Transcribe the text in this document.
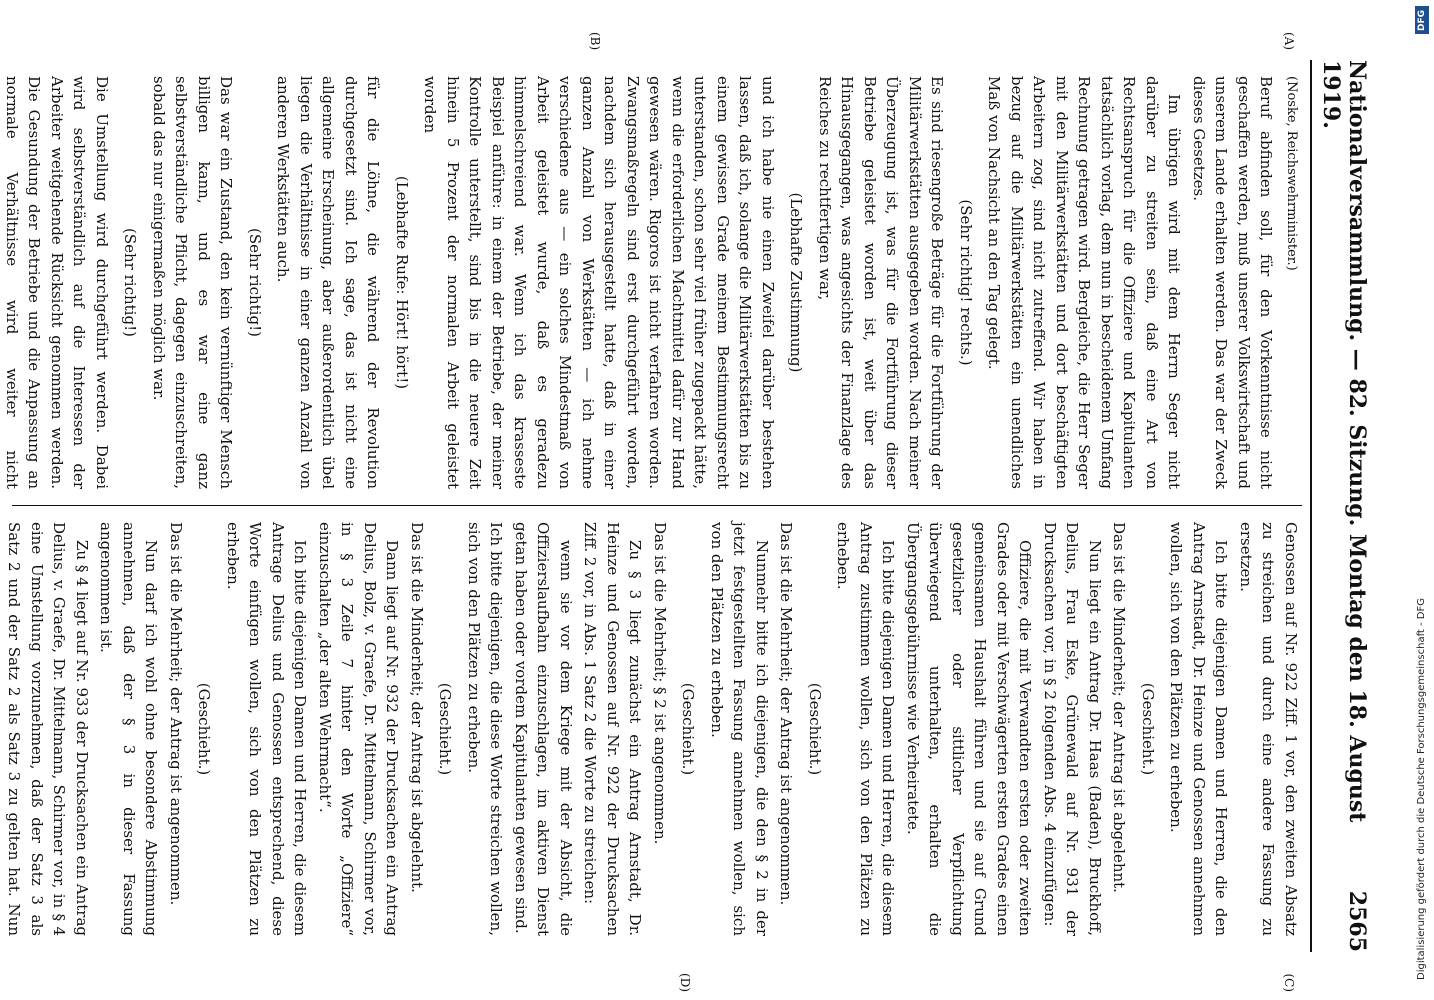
Nationalversammlung. — 82. Sitzung. Montag den 18. August 1919.
2565
(A)
(B)
(C)
(D)

(Noske, Reichswehrminister.)

Beruf abfinden soll, für den Vorkenntnisse nicht geschaffen werden, muß unserer Volkswirtschaft und unserem Lande erhalten werden. Das war der Zweck dieses Gesetzes.

Im übrigen wird mit dem Herrn Seger nicht darüber zu streiten sein, daß eine Art von Rechtsanspruch für die Offiziere und Kapitulanten tatsächlich vorlag, dem nun in bescheidenem Umfang Rechnung getragen wird. Bergleiche, die Herr Seger mit den Militärwerkstätten und dort beschäftigten Arbeitern zog, sind nicht zutreffend. Wir haben in bezug auf die Militärwerkstätten ein unendliches Maß von Nachsicht an den Tag gelegt.

(Sehr richtig! rechts.)

Es sind riesengroße Beträge für die Fortführung der Militärwerkstätten ausgegeben worden. Nach meiner Überzeugung ist, was für die Fortführung dieser Betriebe geleistet worden ist, weit über das Hinausgegangen, was angesichts der Finanzlage des Reiches zu rechtfertigen war,

(Lebhafte Zustimmung)

und ich habe nie einen Zweifel darüber bestehen lassen, daß ich, solange die Militärwerkstätten bis zu einem gewissen Grade meinem Bestimmungsrecht unterstanden, schon sehr viel früher zugepackt hätte, wenn die erforderlichen Machtmittel dafür zur Hand gewesen wären. Rigoros ist nicht verfahren worden. Zwangsmaßregeln sind erst durchgeführt worden, nachdem sich herausgestellt hatte, daß in einer ganzen Anzahl von Werkstätten — ich nehme verschiedene aus — ein solches Mindestmaß von Arbeit geleistet wurde, daß es geradezu himmelschreiend war. Wenn ich das krasseste Beispiel anführe: in einem der Betriebe, der meiner Kontrolle unterstellt, sind bis in die neuere Zeit hinein 5 Prozent der normalen Arbeit geleistet worden

(Lebhafte Rufe: Hört! hört!)

für die Löhne, die während der Revolution durchgesetzt sind. Ich sage, das ist nicht eine allgemeine Erscheinung, aber außerordentlich übel liegen die Verhältnisse in einer ganzen Anzahl von anderen Werkstätten auch.

(Sehr richtig!)

Das war ein Zustand, den kein vernünftiger Mensch billigen kann, und es war eine ganz selbstverständliche Pflicht, dagegen einzuschreiten, sobald das nur einigermaßen möglich war.

(Sehr richtig!)

Die Umstellung wird durchgeführt werden. Dabei wird selbstverständlich auf die Interessen der Arbeiter weitgehende Rücksicht genommen werden. Die Gesundung der Betriebe und die Anpassung an normale Verhältnisse wird weiter nicht

Genossen auf Nr. 922 Ziff. 1 vor, den zweiten Absatz zu streichen und durch eine andere Fassung zu ersetzen.

Ich bitte diejenigen Damen und Herren, die den Antrag Arnstadt, Dr. Heinze und Genossen annehmen wollen, sich von den Plätzen zu erheben.

(Geschieht.)

Das ist die Minderheit; der Antrag ist abgelehnt.

Nun liegt ein Antrag Dr. Haas (Baden), Bruckhoff, Delius, Frau Eske, Grünewald auf Nr. 931 der Drucksachen vor, in § 2 folgenden Abs. 4 einzufügen:

Offiziere, die mit Verwandten ersten oder zweiten Grades oder mit Verschwägerten ersten Grades einen gemeinsamen Haushalt führen und sie auf Grund gesetzlicher oder sittlicher Verpflichtung überwiegend unterhalten, erhalten die Übergangsgebührnisse wie Verheiratete.

Ich bitte diejenigen Damen und Herren, die diesem Antrag zustimmen wollen, sich von den Plätzen zu erheben.

(Geschieht.)

Das ist die Mehrheit; der Antrag ist angenommen.

Nunmehr bitte ich diejenigen, die den § 2 in der jetzt festgestellten Fassung annehmen wollen, sich von den Plätzen zu erheben.

(Geschieht.)

Das ist die Mehrheit; § 2 ist angenommen.

Zu § 3 liegt zunächst ein Antrag Arnstadt, Dr. Heinze und Genossen auf Nr. 922 der Drucksachen Ziff. 2 vor, in Abs. 1 Satz 2 die Worte zu streichen:

wenn sie vor dem Kriege mit der Absicht, die Offizierslaufbahn einzuschlagen, im aktiven Dienst getan haben oder vordem Kapitulanten gewesen sind.

Ich bitte diejenigen, die diese Worte streichen wollen, sich von den Plätzen zu erheben.

(Geschieht.)

Das ist die Minderheit; der Antrag ist abgelehnt.

Dann liegt auf Nr. 932 der Drucksachen ein Antrag Delius, Bolz, v. Graefe, Dr. Mittelmann, Schirmer vor, in § 3 Zeile 7 hinter den Worte „Offiziere“ einzuschalten „der alten Wehrmacht“.

Ich bitte diejenigen Damen und Herren, die diesem Antrage Delius und Genossen entsprechend, diese Worte einfügen wollen, sich von den Plätzen zu erheben.

(Geschieht.)

Das ist die Mehrheit; der Antrag ist angenommen.

Nun darf ich wohl ohne besondere Abstimmung annehmen, daß der § 3 in dieser Fassung angenommen ist.

Zu § 4 liegt auf Nr. 933 der Drucksachen ein Antrag Delius, v. Graefe, Dr. Mittelmann, Schirmer vor, in § 4 eine Umstellung vorzunehmen, daß der Satz 3 als Satz 2 und der Satz 2 als Satz 3 zu gelten hat. Nun

DFG
Digitalisierung gefördert durch die Deutsche Forschungsgemeinschaft - DFG
